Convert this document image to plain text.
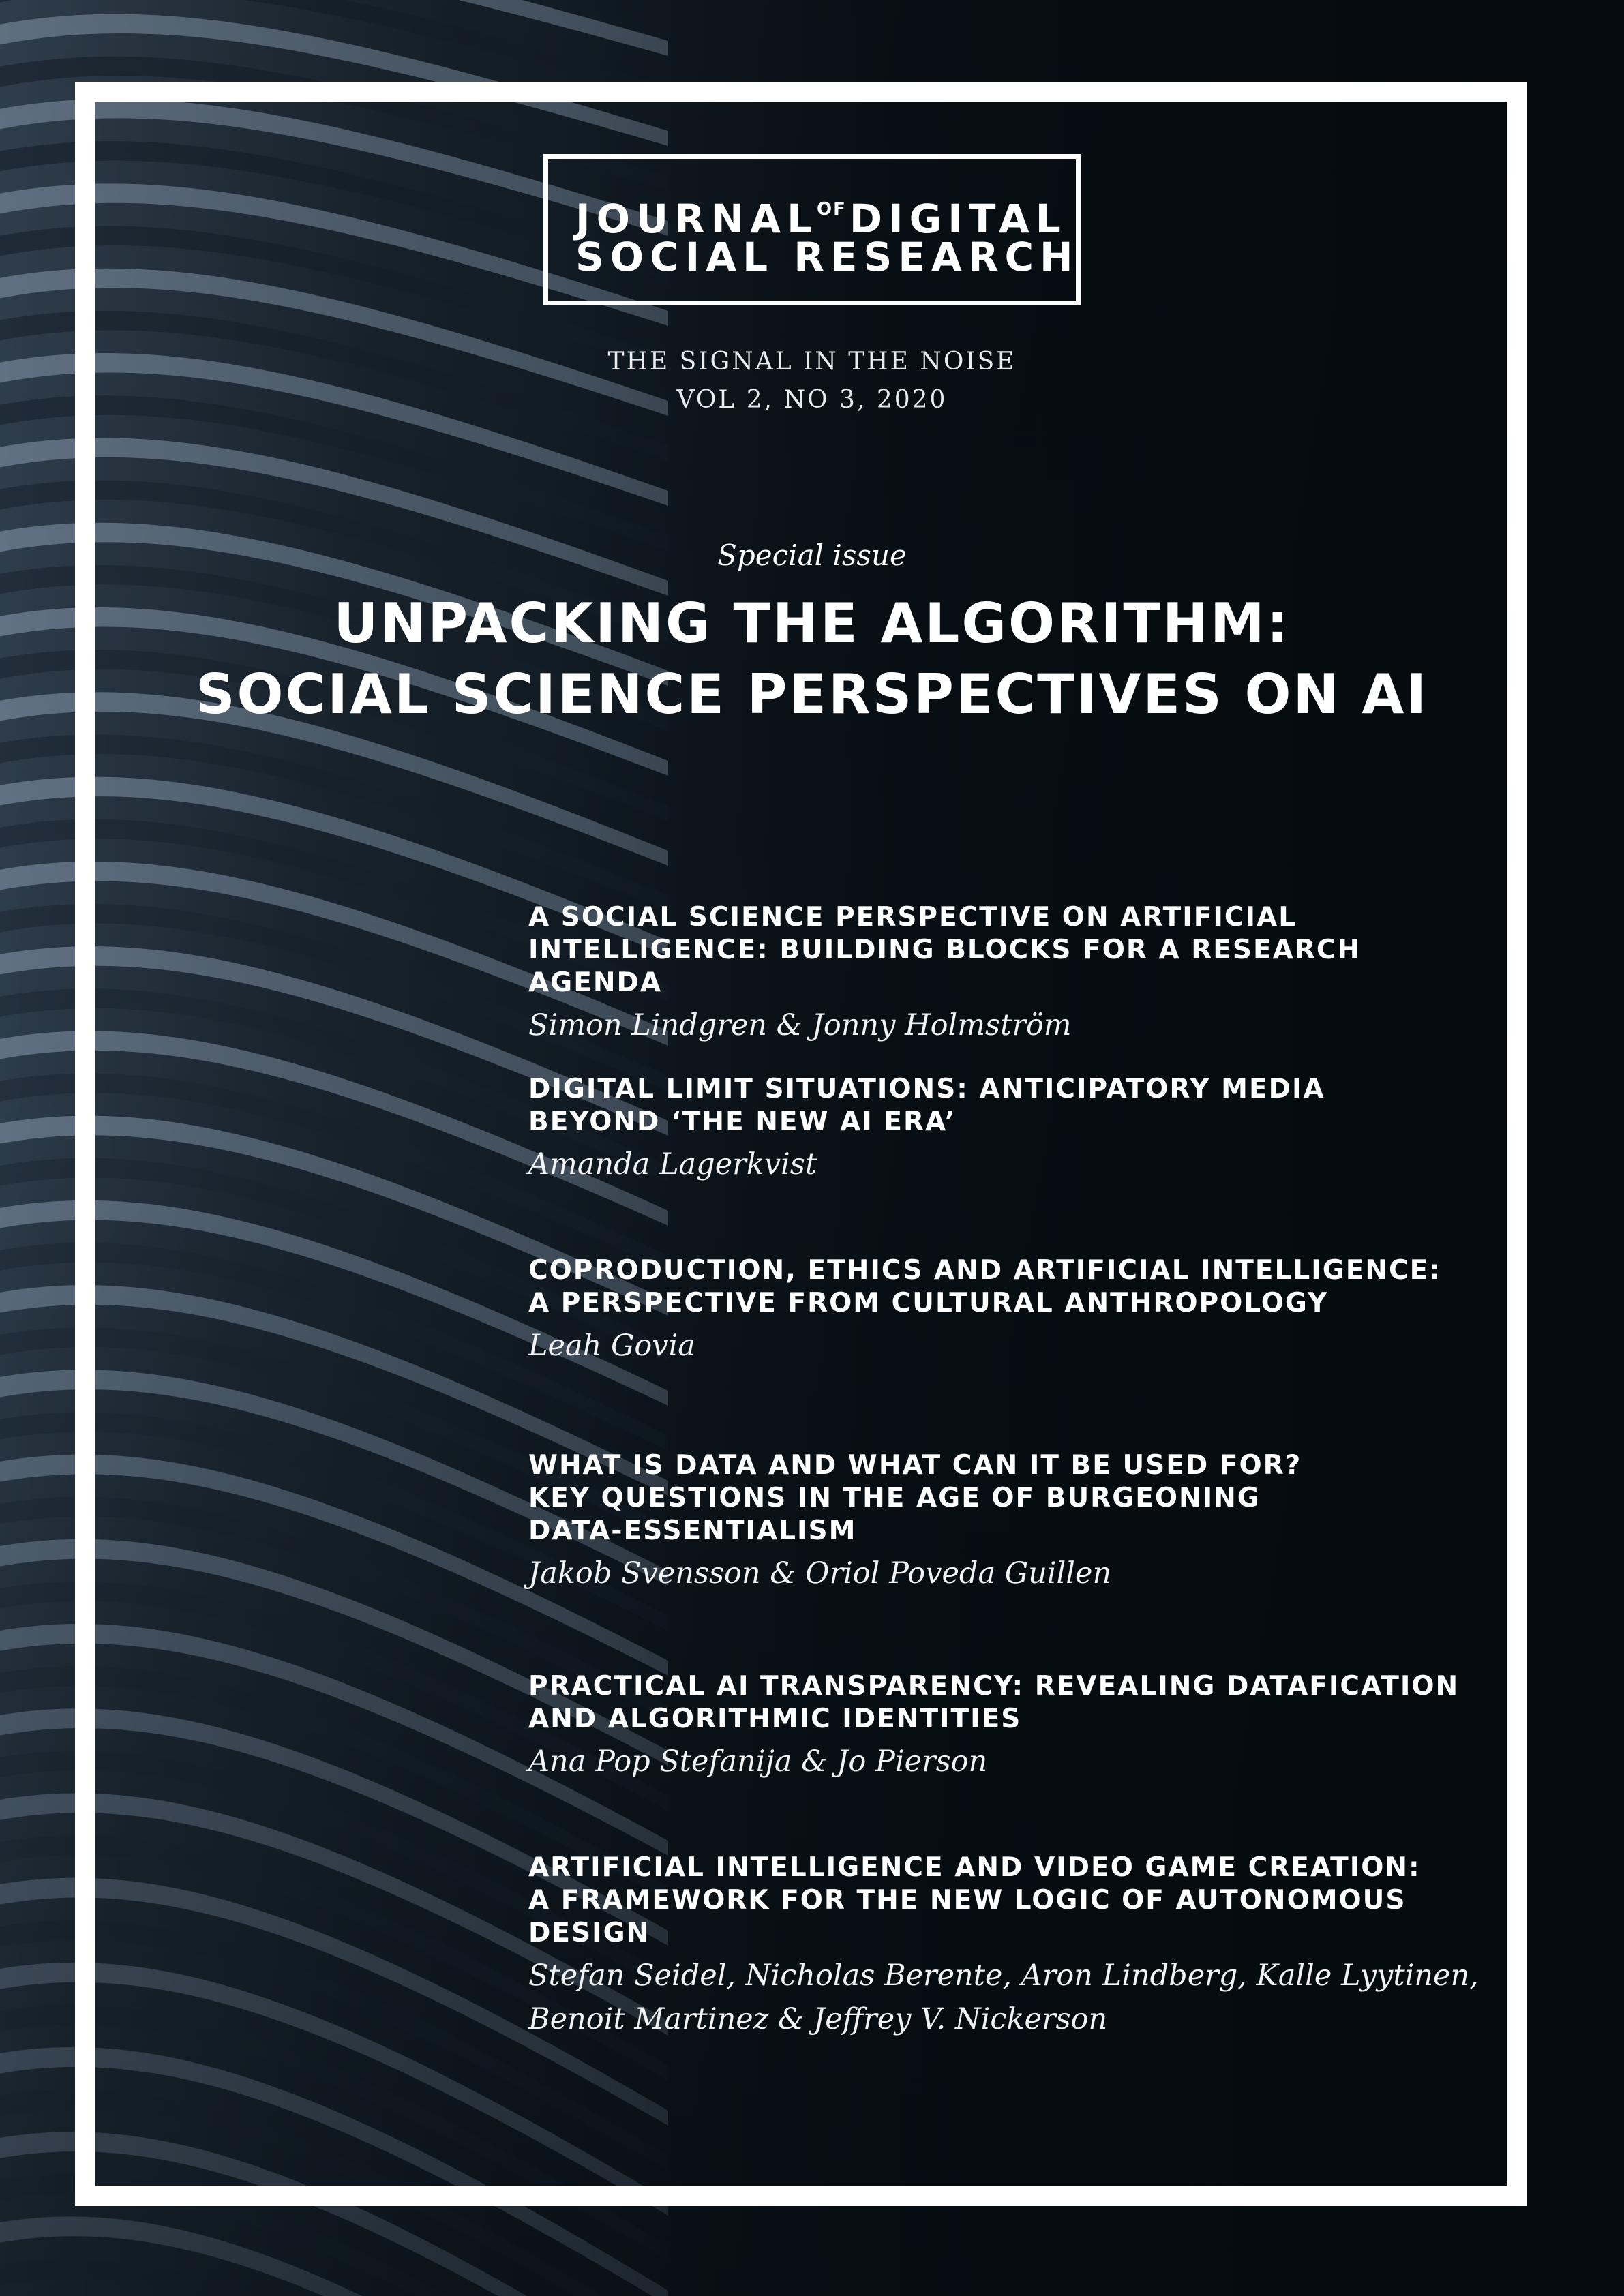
$JOURNAL^{OF}DIGITAL$
SOCIAL RESEARCH
THE SIGNAL IN THE NOISE
VOL 2, NO 3, 2020
Special issue
UNPACKING THE ALGORITHM:
SOCIAL SCIENCE PERSPECTIVES ON AI
A SOCIAL SCIENCE PERSPECTIVE ON ARTIFICIAL
INTELLIGENCE: BUILDING BLOCKS FOR A RESEARCH AGENDA
Simon Lindgren & Jonny Holmström
DIGITAL LIMIT SITUATIONS: ANTICIPATORY MEDIA
BEYOND ‘THE NEW AI ERA’
Amanda Lagerkvist
COPRODUCTION, ETHICS AND ARTIFICIAL INTELLIGENCE:
A PERSPECTIVE FROM CULTURAL ANTHROPOLOGY
Leah Govia
WHAT IS DATA AND WHAT CAN IT BE USED FOR?
KEY QUESTIONS IN THE AGE OF BURGEONING
DATA-ESSENTIALISM
Jakob Svensson & Oriol Poveda Guillen
PRACTICAL AI TRANSPARENCY: REVEALING DATAFICATION
AND ALGORITHMIC IDENTITIES
Ana Pop Stefanija & Jo Pierson
ARTIFICIAL INTELLIGENCE AND VIDEO GAME CREATION:
A FRAMEWORK FOR THE NEW LOGIC OF AUTONOMOUS
DESIGN
Stefan Seidel, Nicholas Berente, Aron Lindberg, Kalle Lyytinen,
Benoit Martinez & Jeffrey V. Nickerson
